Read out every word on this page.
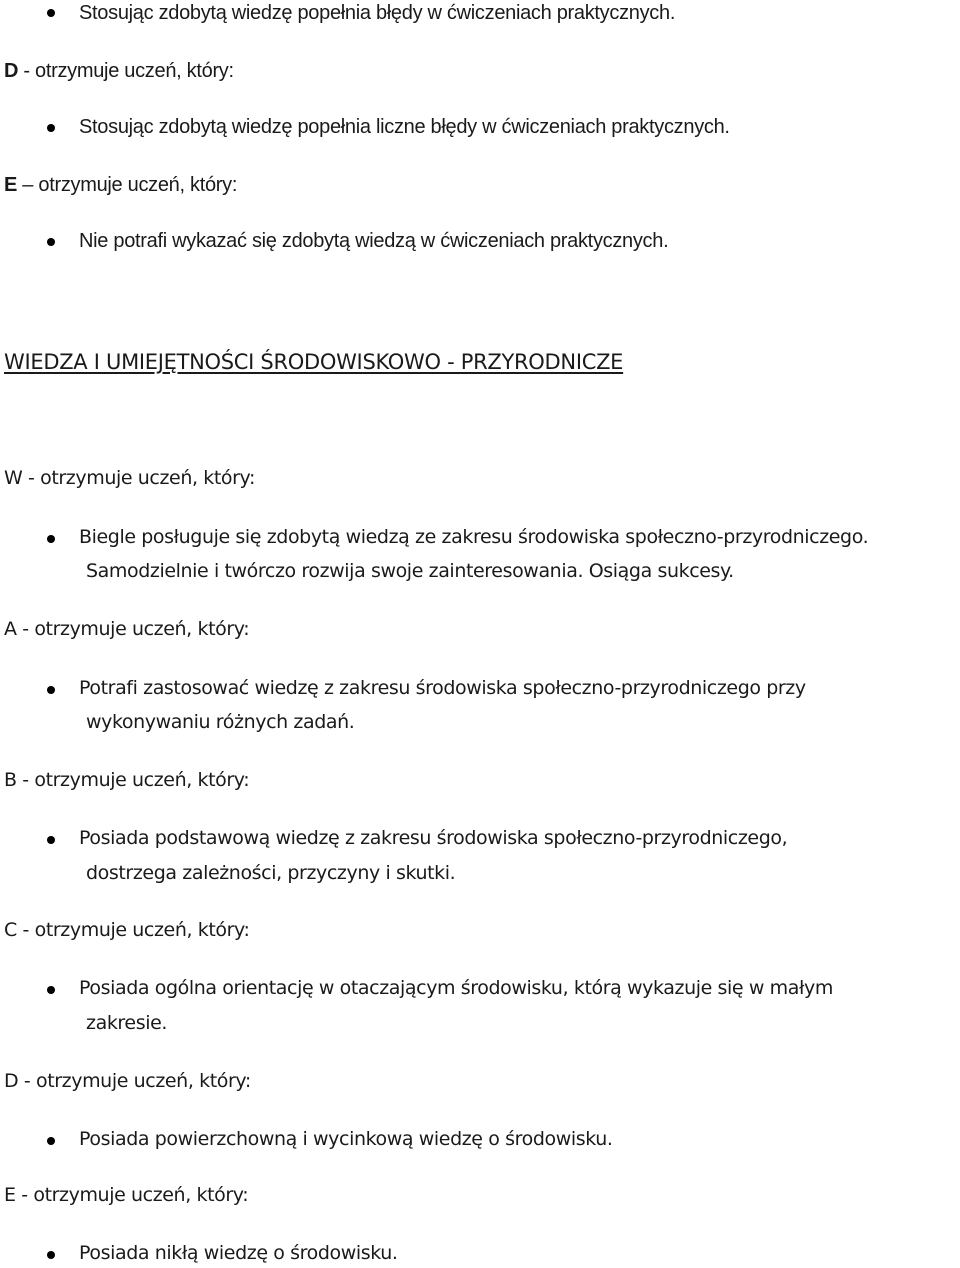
Stosując zdobytą wiedzę popełnia błędy w ćwiczeniach praktycznych.
D - otrzymuje uczeń, który:
Stosując zdobytą wiedzę popełnia liczne błędy w ćwiczeniach praktycznych.
E – otrzymuje uczeń, który:
Nie potrafi wykazać się zdobytą wiedzą w ćwiczeniach praktycznych.
WIEDZA I UMIEJĘTNOŚCI ŚRODOWISKOWO - PRZYRODNICZE
W - otrzymuje uczeń, który:
Biegle posługuje się zdobytą wiedzą ze zakresu środowiska społeczno-przyrodniczego.
Samodzielnie i twórczo rozwija swoje zainteresowania. Osiąga sukcesy.
A - otrzymuje uczeń, który:
Potrafi zastosować wiedzę z zakresu środowiska społeczno-przyrodniczego przy
wykonywaniu różnych zadań.
B - otrzymuje uczeń, który:
Posiada podstawową wiedzę z zakresu środowiska społeczno-przyrodniczego,
dostrzega zależności, przyczyny i skutki.
C - otrzymuje uczeń, który:
Posiada ogólna orientację w otaczającym środowisku, którą wykazuje się w małym
zakresie.
D - otrzymuje uczeń, który:
Posiada powierzchowną i wycinkową wiedzę o środowisku.
E - otrzymuje uczeń, który:
Posiada nikłą wiedzę o środowisku.
